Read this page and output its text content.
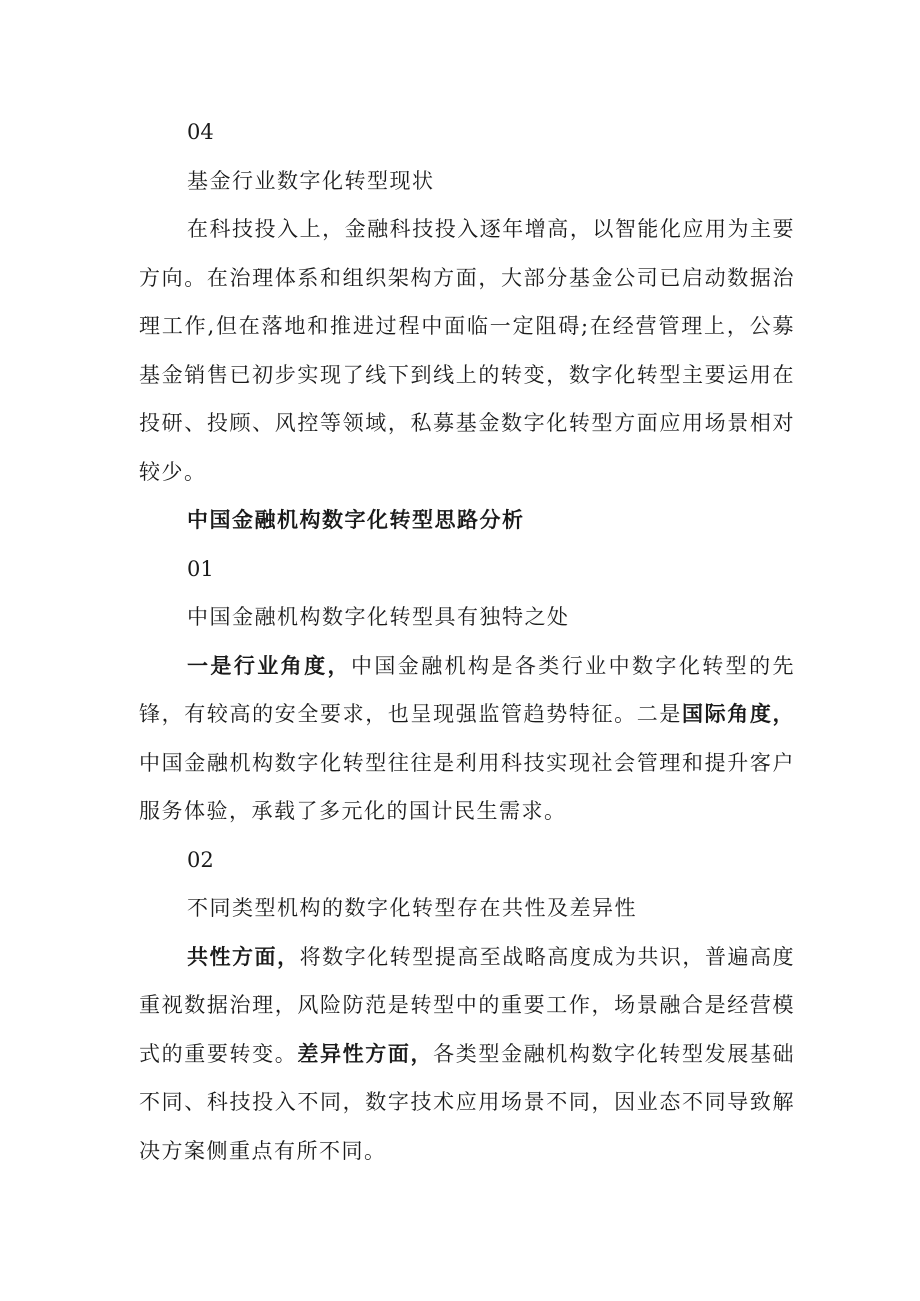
04

基金行业数字化转型现状

在科技投入上，金融科技投入逐年增高，以智能化应用为主要方向。在治理体系和组织架构方面，大部分基金公司已启动数据治理工作,但在落地和推进过程中面临一定阻碍;在经营管理上，公募基金销售已初步实现了线下到线上的转变，数字化转型主要运用在投研、投顾、风控等领域，私募基金数字化转型方面应用场景相对较少。

中国金融机构数字化转型思路分析

01

中国金融机构数字化转型具有独特之处

一是行业角度，中国金融机构是各类行业中数字化转型的先锋，有较高的安全要求，也呈现强监管趋势特征。二是国际角度，中国金融机构数字化转型往往是利用科技实现社会管理和提升客户服务体验，承载了多元化的国计民生需求。

02

不同类型机构的数字化转型存在共性及差异性

共性方面，将数字化转型提高至战略高度成为共识，普遍高度重视数据治理，风险防范是转型中的重要工作，场景融合是经营模式的重要转变。差异性方面，各类型金融机构数字化转型发展基础不同、科技投入不同，数字技术应用场景不同，因业态不同导致解决方案侧重点有所不同。
